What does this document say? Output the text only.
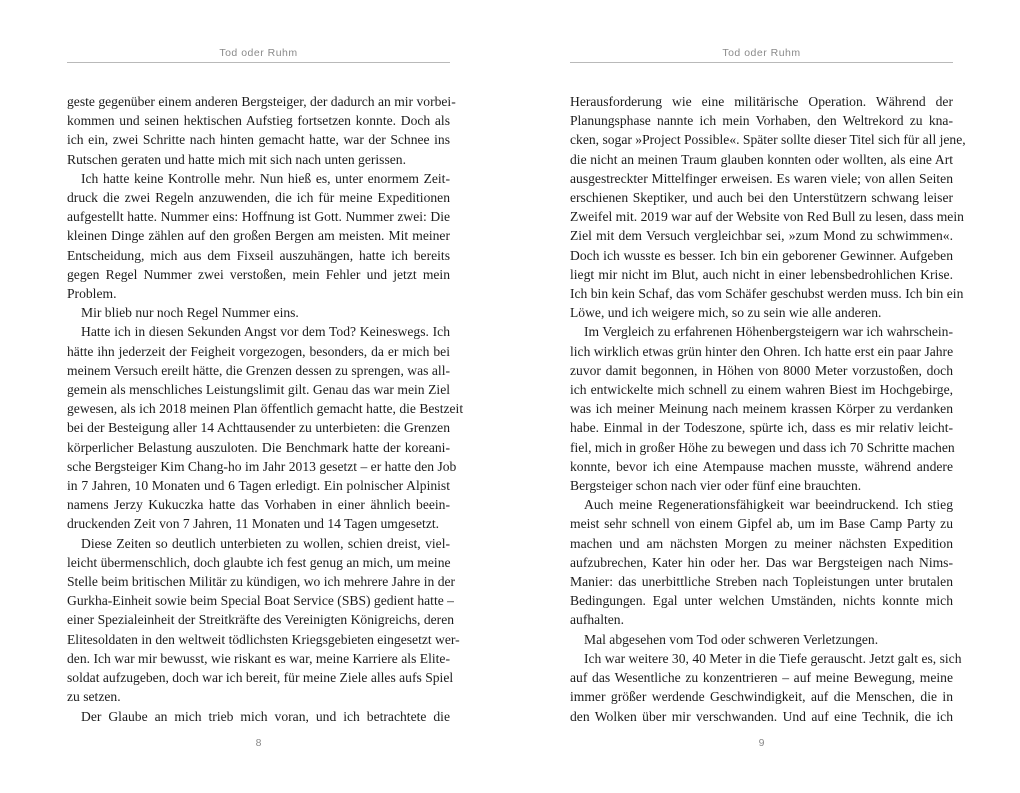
Tod oder Ruhm

geste gegenüber einem anderen Bergsteiger, der dadurch an mir vorbei-
kommen und seinen hektischen Aufstieg fortsetzen konnte. Doch als
ich ein, zwei Schritte nach hinten gemacht hatte, war der Schnee ins
Rutschen geraten und hatte mich mit sich nach unten gerissen.

Ich hatte keine Kontrolle mehr. Nun hieß es, unter enormem Zeit-
druck die zwei Regeln anzuwenden, die ich für meine Expeditionen
aufgestellt hatte. Nummer eins: Hoffnung ist Gott. Nummer zwei: Die
kleinen Dinge zählen auf den großen Bergen am meisten. Mit meiner
Entscheidung, mich aus dem Fixseil auszuhängen, hatte ich bereits
gegen Regel Nummer zwei verstoßen, mein Fehler und jetzt mein
Problem.

Mir blieb nur noch Regel Nummer eins.

Hatte ich in diesen Sekunden Angst vor dem Tod? Keineswegs. Ich
hätte ihn jederzeit der Feigheit vorgezogen, besonders, da er mich bei
meinem Versuch ereilt hätte, die Grenzen dessen zu sprengen, was all-
gemein als menschliches Leistungslimit gilt. Genau das war mein Ziel
gewesen, als ich 2018 meinen Plan öffentlich gemacht hatte, die Bestzeit
bei der Besteigung aller 14 Achttausender zu unterbieten: die Grenzen
körperlicher Belastung auszuloten. Die Benchmark hatte der koreani-
sche Bergsteiger Kim Chang-ho im Jahr 2013 gesetzt – er hatte den Job
in 7 Jahren, 10 Monaten und 6 Tagen erledigt. Ein polnischer Alpinist
namens Jerzy Kukuczka hatte das Vorhaben in einer ähnlich beein-
druckenden Zeit von 7 Jahren, 11 Monaten und 14 Tagen umgesetzt.

Diese Zeiten so deutlich unterbieten zu wollen, schien dreist, viel-
leicht übermenschlich, doch glaubte ich fest genug an mich, um meine
Stelle beim britischen Militär zu kündigen, wo ich mehrere Jahre in der
Gurkha-Einheit sowie beim Special Boat Service (SBS) gedient hatte –
einer Spezialeinheit der Streitkräfte des Vereinigten Königreichs, deren
Elitesoldaten in den weltweit tödlichsten Kriegsgebieten eingesetzt wer-
den. Ich war mir bewusst, wie riskant es war, meine Karriere als Elite-
soldat aufzugeben, doch war ich bereit, für meine Ziele alles aufs Spiel
zu setzen.

Der Glaube an mich trieb mich voran, und ich betrachtete die

8
Tod oder Ruhm

Herausforderung wie eine militärische Operation. Während der
Planungsphase nannte ich mein Vorhaben, den Weltrekord zu kna-
cken, sogar »Project Possible«. Später sollte dieser Titel sich für all jene,
die nicht an meinen Traum glauben konnten oder wollten, als eine Art
ausgestreckter Mittelfinger erweisen. Es waren viele; von allen Seiten
erschienen Skeptiker, und auch bei den Unterstützern schwang leiser
Zweifel mit. 2019 war auf der Website von Red Bull zu lesen, dass mein
Ziel mit dem Versuch vergleichbar sei, »zum Mond zu schwimmen«.
Doch ich wusste es besser. Ich bin ein geborener Gewinner. Aufgeben
liegt mir nicht im Blut, auch nicht in einer lebensbedrohlichen Krise.
Ich bin kein Schaf, das vom Schäfer geschubst werden muss. Ich bin ein
Löwe, und ich weigere mich, so zu sein wie alle anderen.

Im Vergleich zu erfahrenen Höhenbergsteigern war ich wahrschein-
lich wirklich etwas grün hinter den Ohren. Ich hatte erst ein paar Jahre
zuvor damit begonnen, in Höhen von 8000 Meter vorzustoßen, doch
ich entwickelte mich schnell zu einem wahren Biest im Hochgebirge,
was ich meiner Meinung nach meinem krassen Körper zu verdanken
habe. Einmal in der Todeszone, spürte ich, dass es mir relativ leicht-
fiel, mich in großer Höhe zu bewegen und dass ich 70 Schritte machen
konnte, bevor ich eine Atempause machen musste, während andere
Bergsteiger schon nach vier oder fünf eine brauchten.

Auch meine Regenerationsfähigkeit war beeindruckend. Ich stieg
meist sehr schnell von einem Gipfel ab, um im Base Camp Party zu
machen und am nächsten Morgen zu meiner nächsten Expedition
aufzubrechen, Kater hin oder her. Das war Bergsteigen nach Nims-
Manier: das unerbittliche Streben nach Topleistungen unter brutalen
Bedingungen. Egal unter welchen Umständen, nichts konnte mich
aufhalten.

Mal abgesehen vom Tod oder schweren Verletzungen.

Ich war weitere 30, 40 Meter in die Tiefe gerauscht. Jetzt galt es, sich
auf das Wesentliche zu konzentrieren – auf meine Bewegung, meine
immer größer werdende Geschwindigkeit, auf die Menschen, die in
den Wolken über mir verschwanden. Und auf eine Technik, die ich

9
